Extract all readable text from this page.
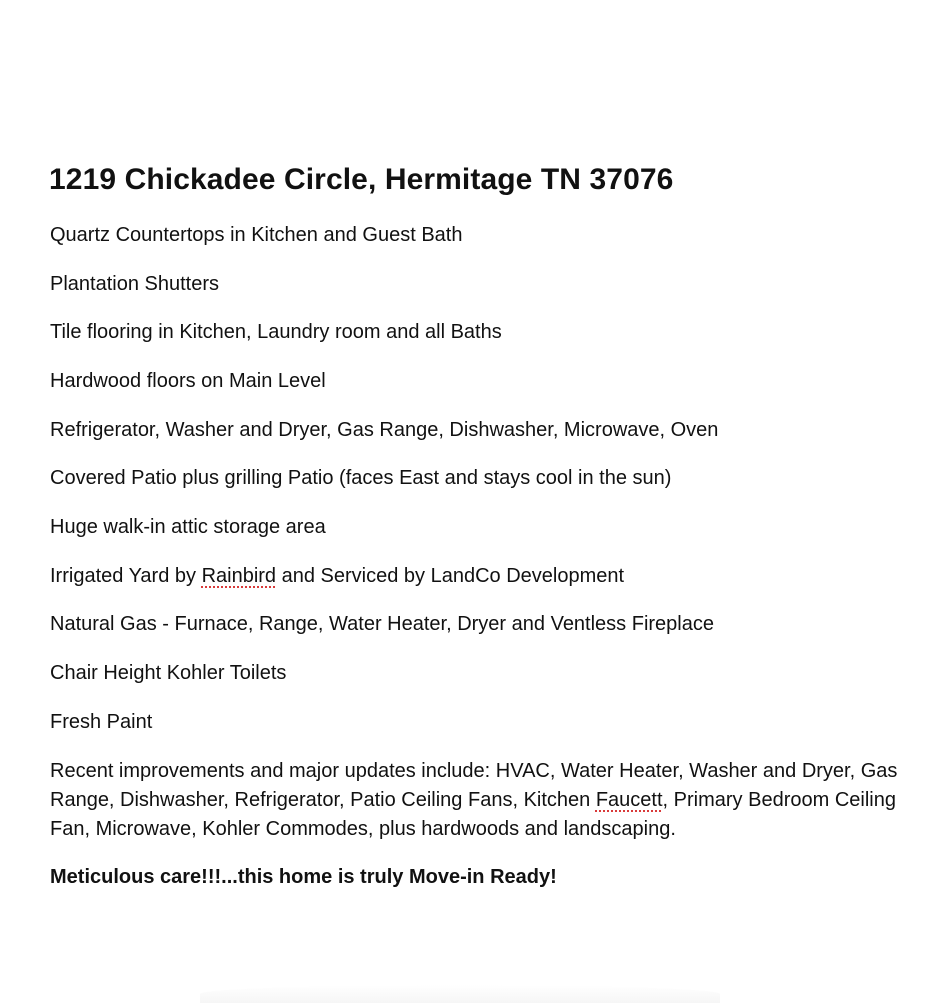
1219 Chickadee Circle, Hermitage TN 37076

Quartz Countertops in Kitchen and Guest Bath

Plantation Shutters

Tile flooring in Kitchen, Laundry room and all Baths

Hardwood floors on Main Level

Refrigerator, Washer and Dryer, Gas Range, Dishwasher, Microwave, Oven

Covered Patio plus grilling Patio (faces East and stays cool in the sun)

Huge walk-in attic storage area

Irrigated Yard by Rainbird and Serviced by LandCo Development

Natural Gas - Furnace, Range, Water Heater, Dryer and Ventless Fireplace

Chair Height Kohler Toilets

Fresh Paint

Recent improvements and major updates include: HVAC, Water Heater, Washer and Dryer, Gas Range, Dishwasher, Refrigerator, Patio Ceiling Fans, Kitchen Faucett, Primary Bedroom Ceiling Fan, Microwave, Kohler Commodes, plus hardwoods and landscaping.

Meticulous care!!!...this home is truly Move-in Ready!
